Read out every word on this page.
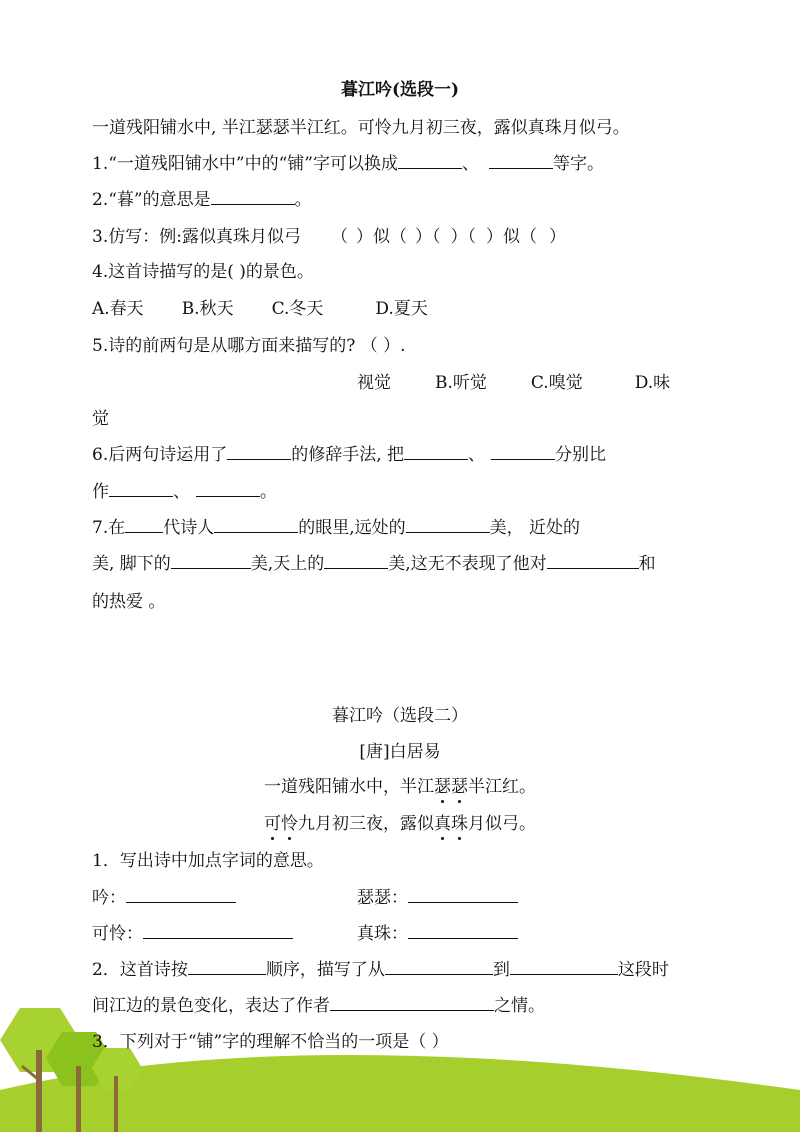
暮江吟(选段一)
一道残阳铺水中, 半江瑟瑟半江红。可怜九月初三夜，露似真珠月似弓。
1.“一道残阳铺水中”中的“铺”字可以换成	、	等字。
2.“暮”的意思是	。
3.仿写：例:露似真珠月似弓 （ ）似（ ）（ ）（ ）似（ ）
4.这首诗描写的是( )的景色。
A.春天 B.秋天 C.冬天	D.夏天
5.诗的前两句是从哪方面来描写的? （ ）.
视觉	B.听觉	C.嗅觉	D.味
觉
6.后两句诗运用了	的修辞手法, 把	、	分别比
作	、	。
7.在 代诗人	的眼里,远处的	美， 近处的
美, 脚下的	美,天上的	美,这无不表现了他对	和
的热爱 。
暮江吟（选段二）
[唐]白居易
一道残阳铺水中，半江瑟瑟半江红。
可怜九月初三夜，露似真珠月似弓。
1．写出诗中加点字词的意思。
吟：	瑟瑟：
可怜：	真珠：
2．这首诗按	顺序，描写了从	到	这段时
间江边的景色变化，表达了作者	之情。
3．下列对于“铺”字的理解不恰当的一项是（ ）
